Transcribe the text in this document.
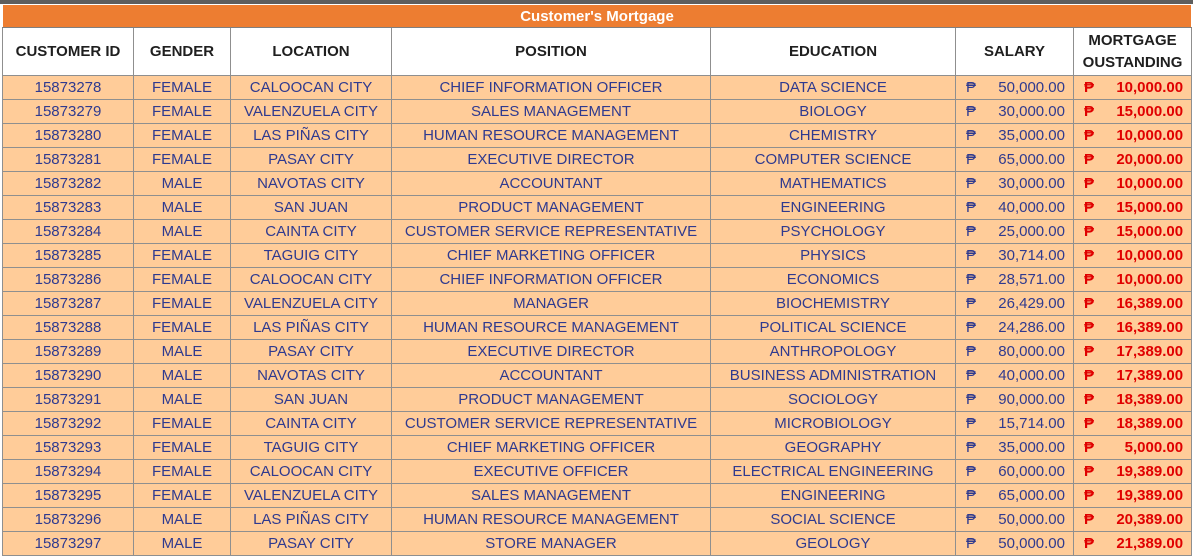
Customer's Mortgage						
CUSTOMER ID	GENDER	LOCATION	POSITION	EDUCATION	SALARY	MORTGAGE OUSTANDING
15873278	FEMALE	CALOOCAN CITY	CHIEF INFORMATION OFFICER	DATA SCIENCE	₱ 50,000.00	₱ 10,000.00

15873279	FEMALE	VALENZUELA CITY	SALES MANAGEMENT	BIOLOGY	₱ 30,000.00	₱ 15,000.00

15873280	FEMALE	LAS PIÑAS CITY	HUMAN RESOURCE MANAGEMENT	CHEMISTRY	₱ 35,000.00	₱ 10,000.00

15873281	FEMALE	PASAY CITY	EXECUTIVE DIRECTOR	COMPUTER SCIENCE	₱ 65,000.00	₱ 20,000.00

15873282	MALE	NAVOTAS CITY	ACCOUNTANT	MATHEMATICS	₱ 30,000.00	₱ 10,000.00

15873283	MALE	SAN JUAN	PRODUCT MANAGEMENT	ENGINEERING	₱ 40,000.00	₱ 15,000.00

15873284	MALE	CAINTA CITY	CUSTOMER SERVICE REPRESENTATIVE	PSYCHOLOGY	₱ 25,000.00	₱ 15,000.00

15873285	FEMALE	TAGUIG CITY	CHIEF MARKETING OFFICER	PHYSICS	₱ 30,714.00	₱ 10,000.00

15873286	FEMALE	CALOOCAN CITY	CHIEF INFORMATION OFFICER	ECONOMICS	₱ 28,571.00	₱ 10,000.00

15873287	FEMALE	VALENZUELA CITY	MANAGER	BIOCHEMISTRY	₱ 26,429.00	₱ 16,389.00

15873288	FEMALE	LAS PIÑAS CITY	HUMAN RESOURCE MANAGEMENT	POLITICAL SCIENCE	₱ 24,286.00	₱ 16,389.00

15873289	MALE	PASAY CITY	EXECUTIVE DIRECTOR	ANTHROPOLOGY	₱ 80,000.00	₱ 17,389.00

15873290	MALE	NAVOTAS CITY	ACCOUNTANT	BUSINESS ADMINISTRATION	₱ 40,000.00	₱ 17,389.00

15873291	MALE	SAN JUAN	PRODUCT MANAGEMENT	SOCIOLOGY	₱ 90,000.00	₱ 18,389.00

15873292	FEMALE	CAINTA CITY	CUSTOMER SERVICE REPRESENTATIVE	MICROBIOLOGY	₱ 15,714.00	₱ 18,389.00

15873293	FEMALE	TAGUIG CITY	CHIEF MARKETING OFFICER	GEOGRAPHY	₱ 35,000.00	₱ 5,000.00

15873294	FEMALE	CALOOCAN CITY	EXECUTIVE OFFICER	ELECTRICAL ENGINEERING	₱ 60,000.00	₱ 19,389.00

15873295	FEMALE	VALENZUELA CITY	SALES MANAGEMENT	ENGINEERING	₱ 65,000.00	₱ 19,389.00

15873296	MALE	LAS PIÑAS CITY	HUMAN RESOURCE MANAGEMENT	SOCIAL SCIENCE	₱ 50,000.00	₱ 20,389.00

15873297	MALE	PASAY CITY	STORE MANAGER	GEOLOGY	₱ 50,000.00	₱ 21,389.00
